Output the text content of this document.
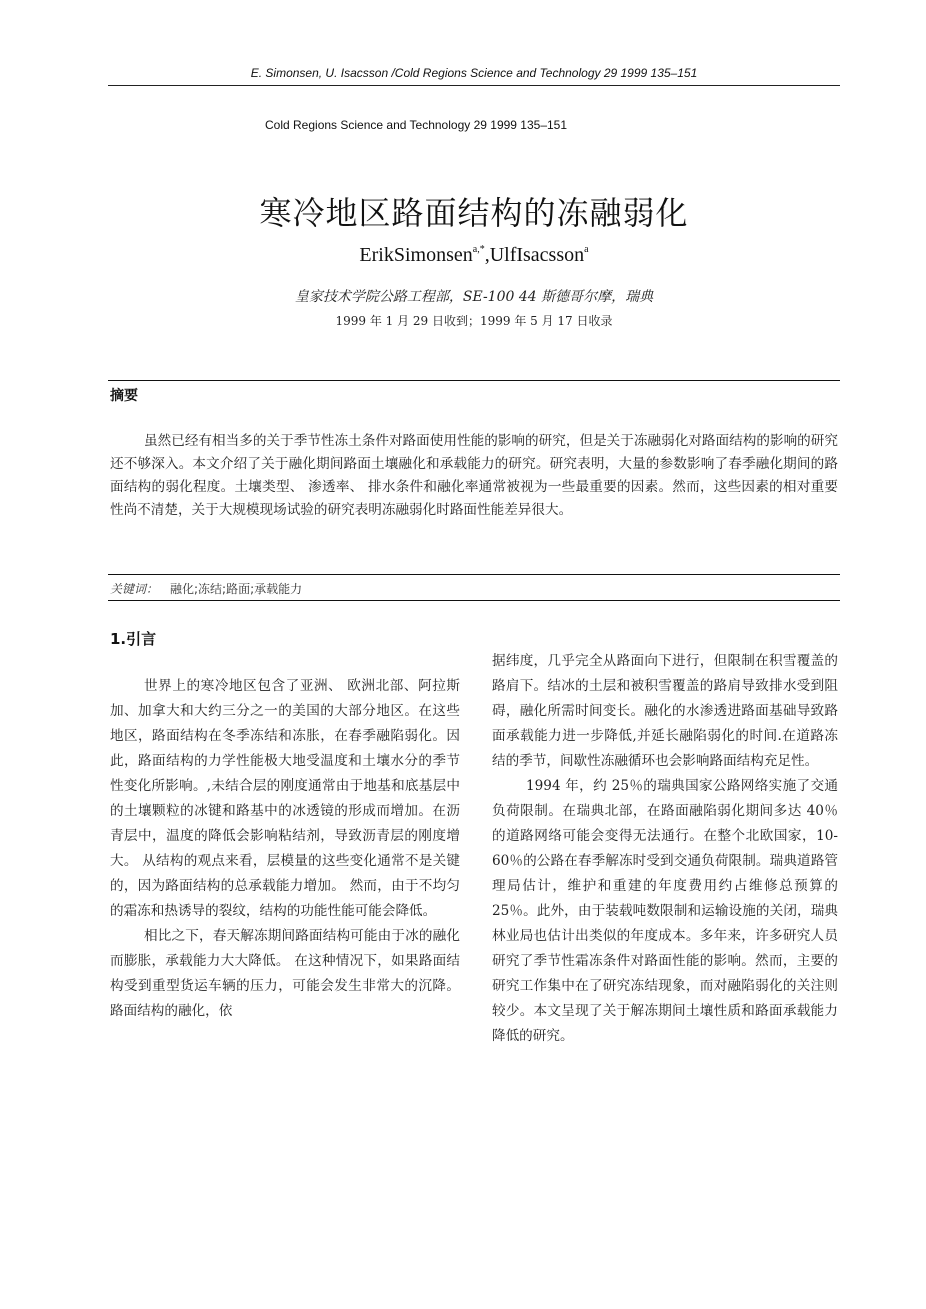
E. Simonsen, U. Isacsson /Cold Regions Science and Technology 29 1999 135–151
Cold Regions Science and Technology 29 1999 135–151
寒冷地区路面结构的冻融弱化
ErikSimonsen$^{a,*}$,UlfIsacsson$^a$
皇家技术学院公路工程部，SE-100 44 斯德哥尔摩，瑞典
1999 年 1 月 29 日收到；1999 年 5 月 17 日收录
摘要

虽然已经有相当多的关于季节性冻土条件对路面使用性能的影响的研究，但是关于冻融弱化对路面结构的影响的研究还不够深入。本文介绍了关于融化期间路面土壤融化和承载能力的研究。研究表明，大量的参数影响了春季融化期间的路面结构的弱化程度。土壤类型、 渗透率、 排水条件和融化率通常被视为一些最重要的因素。然而，这些因素的相对重要性尚不清楚，关于大规模现场试验的研究表明冻融弱化时路面性能差异很大。

关键词： 融化;冻结;路面;承载能力
1.引言

世界上的寒冷地区包含了亚洲、 欧洲北部、阿拉斯加、加拿大和大约三分之一的美国的大部分地区。在这些地区，路面结构在冬季冻结和冻胀，在春季融陷弱化。因此，路面结构的力学性能极大地受温度和土壤水分的季节性变化所影响。,未结合层的刚度通常由于地基和底基层中的土壤颗粒的冰键和路基中的冰透镜的形成而增加。在沥青层中，温度的降低会影响粘结剂，导致沥青层的刚度增大。 从结构的观点来看，层模量的这些变化通常不是关键的，因为路面结构的总承载能力增加。 然而，由于不均匀的霜冻和热诱导的裂纹，结构的功能性能可能会降低。

相比之下，春天解冻期间路面结构可能由于冰的融化而膨胀，承载能力大大降低。 在这种情况下，如果路面结构受到重型货运车辆的压力，可能会发生非常大的沉降。路面结构的融化，依

据纬度，几乎完全从路面向下进行，但限制在积雪覆盖的路肩下。结冰的土层和被积雪覆盖的路肩导致排水受到阻碍，融化所需时间变长。融化的水渗透进路面基础导致路面承载能力进一步降低,并延长融陷弱化的时间.在道路冻结的季节，间歇性冻融循环也会影响路面结构充足性。

1994 年，约 25％的瑞典国家公路网络实施了交通负荷限制。在瑞典北部，在路面融陷弱化期间多达 40％的道路网络可能会变得无法通行。在整个北欧国家，10-60％的公路在春季解冻时受到交通负荷限制。瑞典道路管理局估计，维护和重建的年度费用约占维修总预算的 25％。此外，由于装载吨数限制和运输设施的关闭，瑞典林业局也估计出类似的年度成本。多年来，许多研究人员研究了季节性霜冻条件对路面性能的影响。然而，主要的研究工作集中在了研究冻结现象，而对融陷弱化的关注则较少。本文呈现了关于解冻期间土壤性质和路面承载能力降低的研究。
